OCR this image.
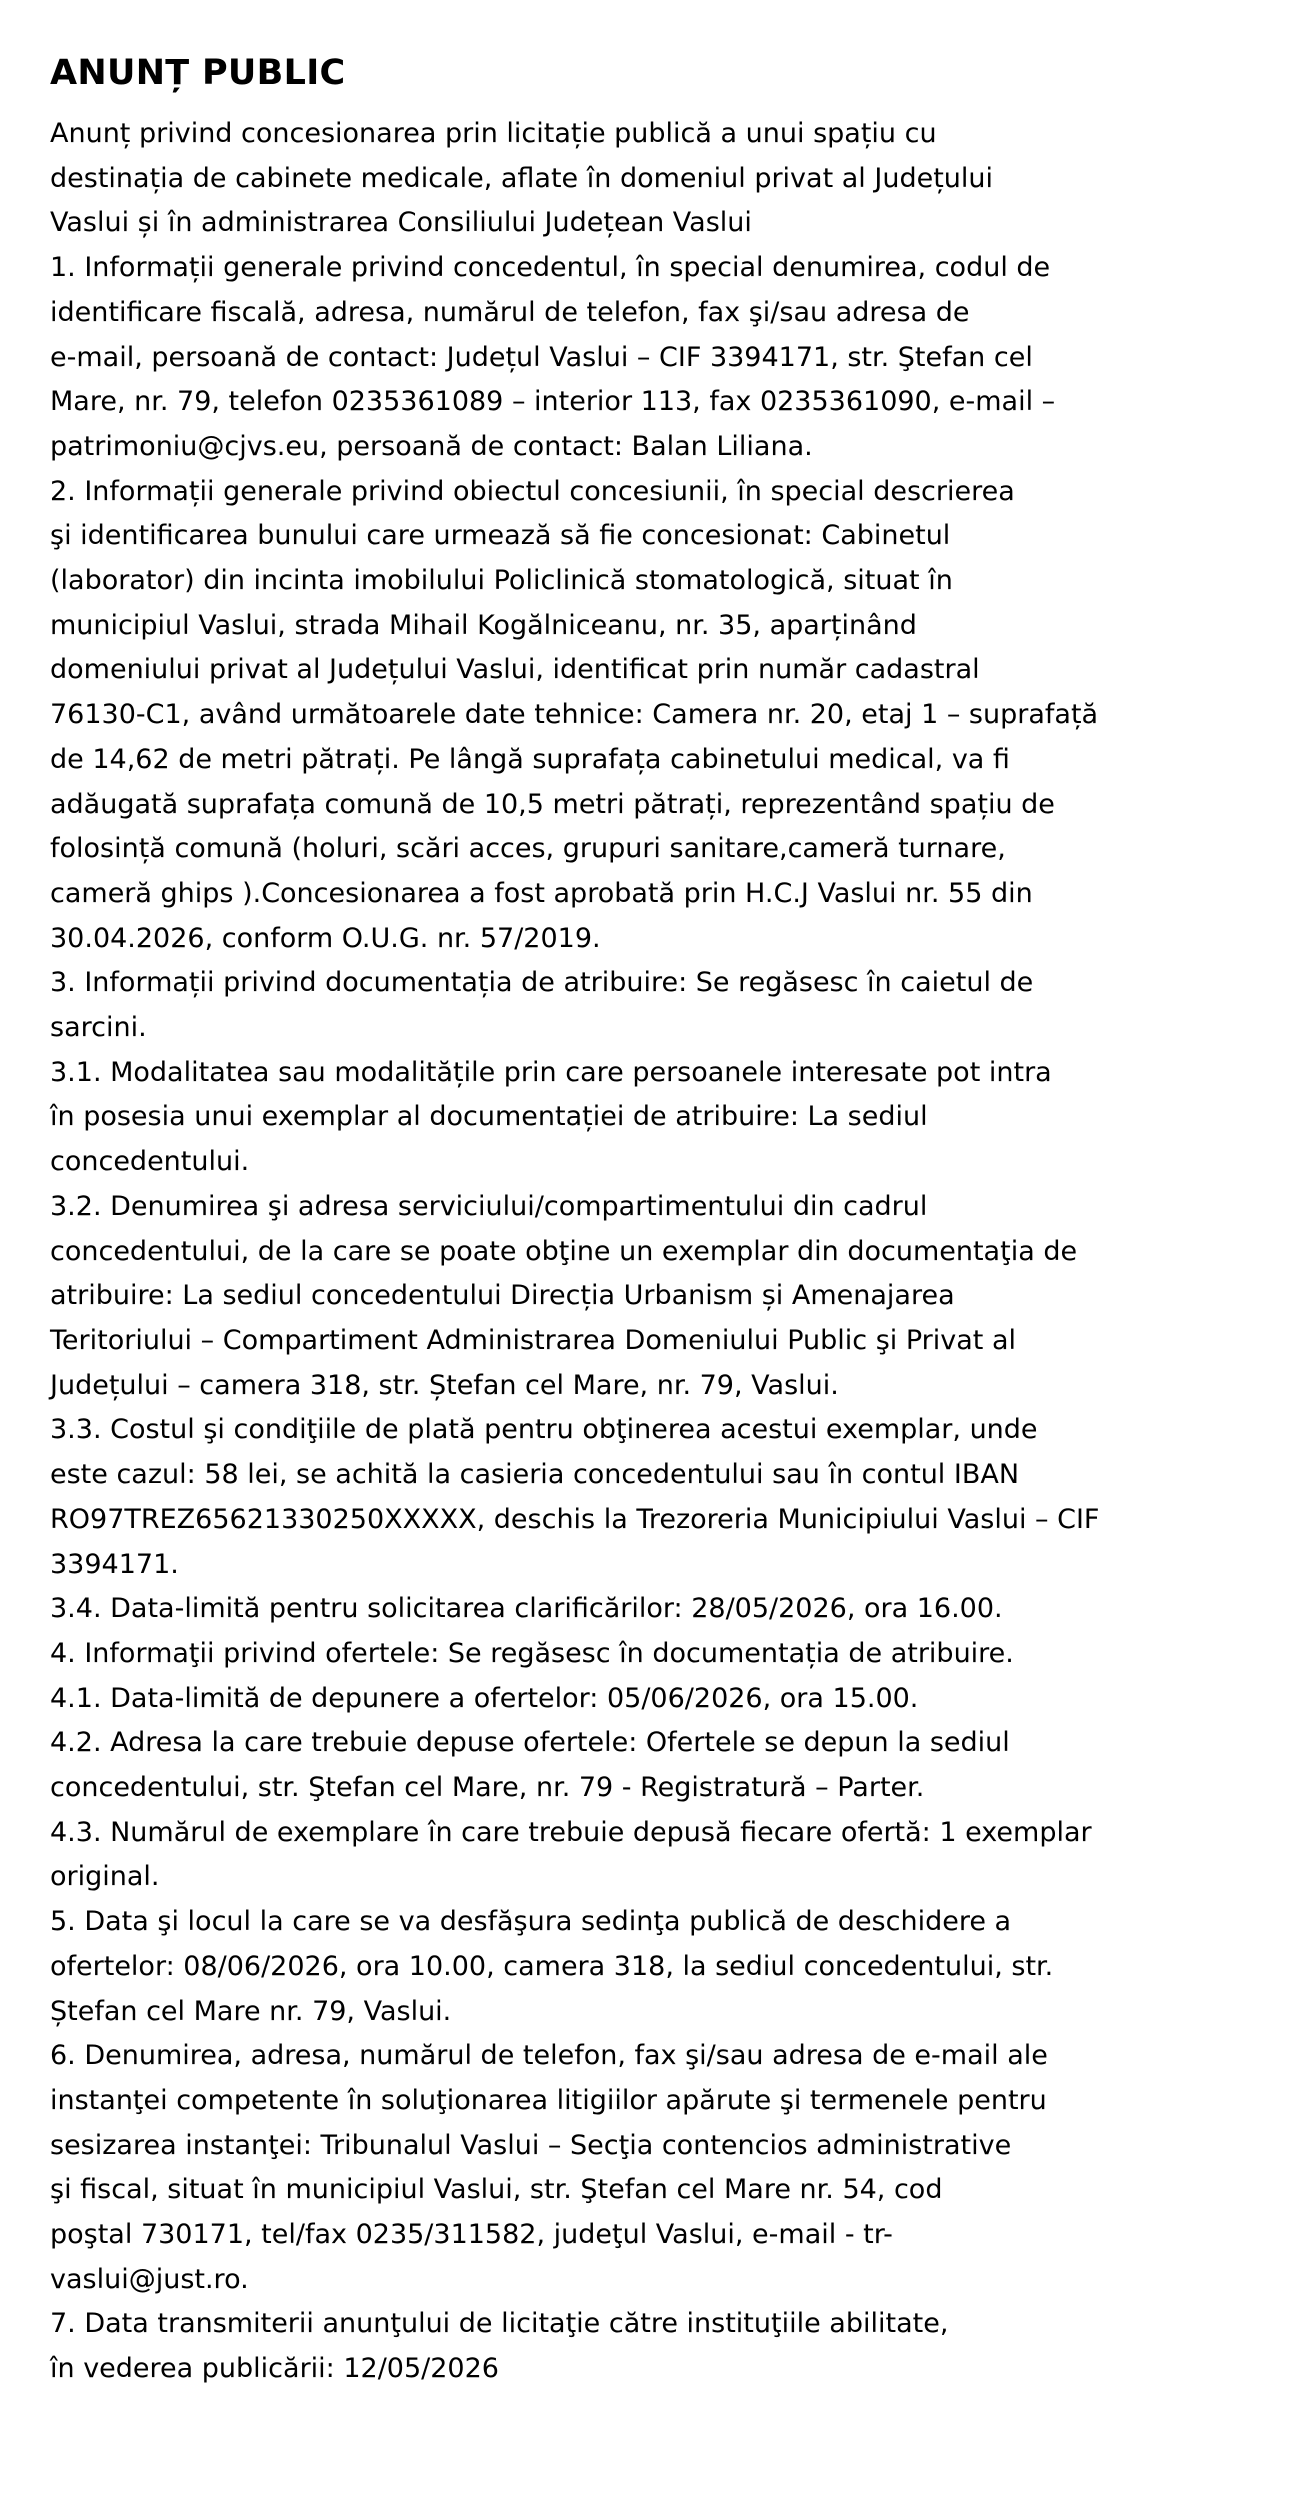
ANUNȚ PUBLIC

Anunț privind concesionarea prin licitație publică a unui spațiu cu
destinația de cabinete medicale, aflate în domeniul privat al Județului
Vaslui și în administrarea Consiliului Județean Vaslui

1. Informații generale privind concedentul, în special denumirea, codul de
identificare fiscală, adresa, numărul de telefon, fax şi/sau adresa de
e-mail, persoană de contact: Județul Vaslui – CIF 3394171, str. Ştefan cel
Mare, nr. 79, telefon 0235361089 – interior 113, fax 0235361090, e-mail –
patrimoniu@cjvs.eu, persoană de contact: Balan Liliana.

2. Informații generale privind obiectul concesiunii, în special descrierea
şi identificarea bunului care urmează să fie concesionat: Cabinetul
(laborator) din incinta imobilului Policlinică stomatologică, situat în
municipiul Vaslui, strada Mihail Kogălniceanu, nr. 35, aparținând
domeniului privat al Județului Vaslui, identificat prin număr cadastral
76130-C1, având următoarele date tehnice: Camera nr. 20, etaj 1 – suprafață
de 14,62 de metri pătrați. Pe lângă suprafața cabinetului medical, va fi
adăugată suprafața comună de 10,5 metri pătrați, reprezentând spațiu de
folosință comună (holuri, scări acces, grupuri sanitare,cameră turnare,
cameră ghips ).Concesionarea a fost aprobată prin H.C.J Vaslui nr. 55 din
30.04.2026, conform O.U.G. nr. 57/2019.

3. Informații privind documentația de atribuire: Se regăsesc în caietul de
sarcini.

3.1. Modalitatea sau modalitățile prin care persoanele interesate pot intra
în posesia unui exemplar al documentației de atribuire: La sediul
concedentului.

3.2. Denumirea şi adresa serviciului/compartimentului din cadrul
concedentului, de la care se poate obţine un exemplar din documentaţia de
atribuire: La sediul concedentului Direcția Urbanism și Amenajarea
Teritoriului – Compartiment Administrarea Domeniului Public şi Privat al
Județului – camera 318, str. Ștefan cel Mare, nr. 79, Vaslui.

3.3. Costul şi condiţiile de plată pentru obţinerea acestui exemplar, unde
este cazul: 58 lei, se achită la casieria concedentului sau în contul IBAN
RO97TREZ65621330250XXXXX, deschis la Trezoreria Municipiului Vaslui – CIF
3394171.

3.4. Data-limită pentru solicitarea clarificărilor: 28/05/2026, ora 16.00.

4. Informaţii privind ofertele: Se regăsesc în documentația de atribuire.

4.1. Data-limită de depunere a ofertelor: 05/06/2026, ora 15.00.

4.2. Adresa la care trebuie depuse ofertele: Ofertele se depun la sediul
concedentului, str. Ştefan cel Mare, nr. 79 - Registratură – Parter.

4.3. Numărul de exemplare în care trebuie depusă fiecare ofertă: 1 exemplar
original.

5. Data şi locul la care se va desfăşura sedinţa publică de deschidere a
ofertelor: 08/06/2026, ora 10.00, camera 318, la sediul concedentului, str.
Ștefan cel Mare nr. 79, Vaslui.

6. Denumirea, adresa, numărul de telefon, fax şi/sau adresa de e-mail ale
instanţei competente în soluţionarea litigiilor apărute şi termenele pentru
sesizarea instanţei: Tribunalul Vaslui – Secţia contencios administrative
şi fiscal, situat în municipiul Vaslui, str. Ştefan cel Mare nr. 54, cod
poştal 730171, tel/fax 0235/311582, judeţul Vaslui, e-mail - tr-
vaslui@just.ro.

7. Data transmiterii anunţului de licitaţie către instituţiile abilitate,
în vederea publicării: 12/05/2026
